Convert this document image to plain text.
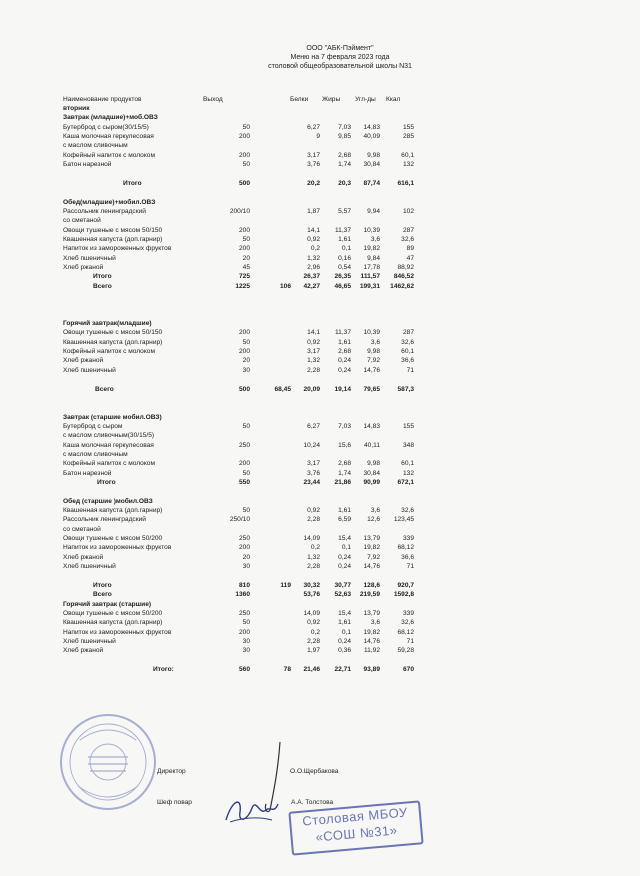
ООО "АБК-Пэймент"
Меню на 7 февраля 2023 года
столовой общеобразовательной школы N31
Наименование продуктов	Выход	Белки Жиры Угл-ды Ккал
вторник
Завтрак (младшие)+моб.ОВЗ
Бутерброд с сыром(30/15/5)	50	6,27	7,03	14,83	155
Каша молочная геркулесовая	200	9	9,85	40,09	285
с маслом сливочным
Кофейный напиток с молоком	200	3,17	2,68	9,98	60,1
Батон нарезной	50	3,76	1,74	30,84	132
Итого	500	20,2	20,3	87,74	616,1
Обед(младшие)+мобил.ОВЗ
Рассольник ленинградский	200/10	1,87	5,57	9,94	102
со сметаной
Овощи тушеные с мясом 50/150	200	14,1	11,37	10,39	287
Квашенная капуста (доп.гарнир)	50	0,92	1,61	3,6	32,6
Напиток из замороженных фруктов	200	0,2	0,1	19,82	89
Хлеб пшеничный	20	1,32	0,16	9,84	47
Хлеб ржаной	45	2,96	0,54	17,78	88,92
Итого	725	26,37	26,35	111,57	846,52
Всего	1225	106	42,27	46,65	199,31	1462,62
Горячий завтрак(младшие)
Овощи тушеные с мясом 50/150	200	14,1	11,37	10,39	287
Квашенная капуста (доп.гарнир)	50	0,92	1,61	3,6	32,6
Кофейный напиток с молоком	200	3,17	2,68	9,98	60,1
Хлеб ржаной	20	1,32	0,24	7,92	36,6
Хлеб пшеничный	30	2,28	0,24	14,76	71
Всего	500	68,45	20,09	19,14	79,65	587,3
Завтрак (старшие мобил.ОВЗ)
Бутерброд с сыром	50	6,27	7,03	14,83	155
с маслом сливочным(30/15/5)
Каша молочная геркулесовая	250	10,24	15,6	40,11	348
с маслом сливочным
Кофейный напиток с молоком	200	3,17	2,68	9,98	60,1
Батон нарезной	50	3,76	1,74	30,84	132
Итого	550	23,44	21,86	90,99	672,1
Обед (старшие )мобил.ОВЗ
Квашенная капуста (доп.гарнир)	50	0,92	1,61	3,6	32,6
Рассольник ленинградский	250/10	2,28	6,59	12,6	123,45
со сметаной
Овощи тушеные с мясом 50/200	250	14,09	15,4	13,79	339
Напиток из замороженных фруктов	200	0,2	0,1	19,82	68,12
Хлеб ржаной	20	1,32	0,24	7,92	36,6
Хлеб пшеничный	30	2,28	0,24	14,76	71
Итого	810	119	30,32	30,77	128,6	920,7
Всего	1360	53,76	52,63	219,59	1592,8
Горячий завтрак (старшие)
Овощи тушеные с мясом 50/200	250	14,09	15,4	13,79	339
Квашенная капуста (доп.гарнир)	50	0,92	1,61	3,6	32,6
Напиток из замороженных фруктов	200	0,2	0,1	19,82	68,12
Хлеб пшеничный	30	2,28	0,24	14,76	71
Хлеб ржаной	30	1,97	0,36	11,92	59,28
Итого:	560	78	21,46	22,71	93,89	670
Директор	О.О.Щербакова
Шеф повар	А.А. Толстова
Столовая МБОУ
«СОШ №31»
